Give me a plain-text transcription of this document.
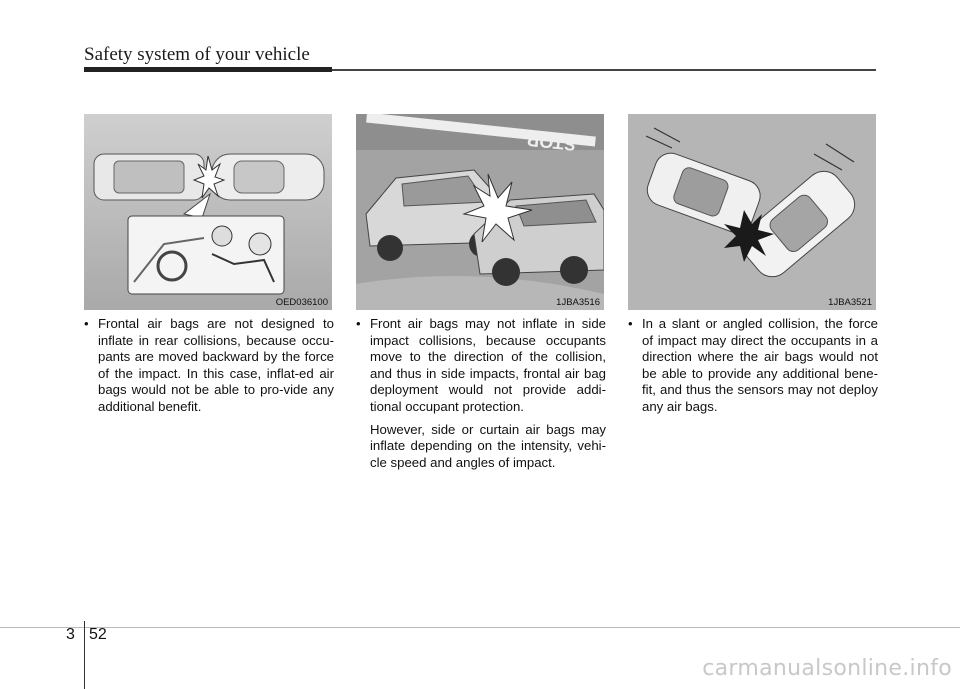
Safety system of your vehicle
OED036100
STOP
1JBA3516	1JBA3521
• Frontal air bags are not designed to inflate in rear collisions, because occu-pants are moved backward by the force of the impact. In this case, inflat-ed air bags would not be able to pro-vide any additional benefit.
• Front air bags may not inflate in side impact collisions, because occupants move to the direction of the collision, and thus in side impacts, frontal air bag deployment would not provide addi-tional occupant protection.
However, side or curtain air bags may inflate depending on the intensity, vehi-cle speed and angles of impact.
• In a slant or angled collision, the force of impact may direct the occupants in a direction where the air bags would not be able to provide any additional bene-fit, and thus the sensors may not deploy any air bags.
3 52
carmanualsonline.info
